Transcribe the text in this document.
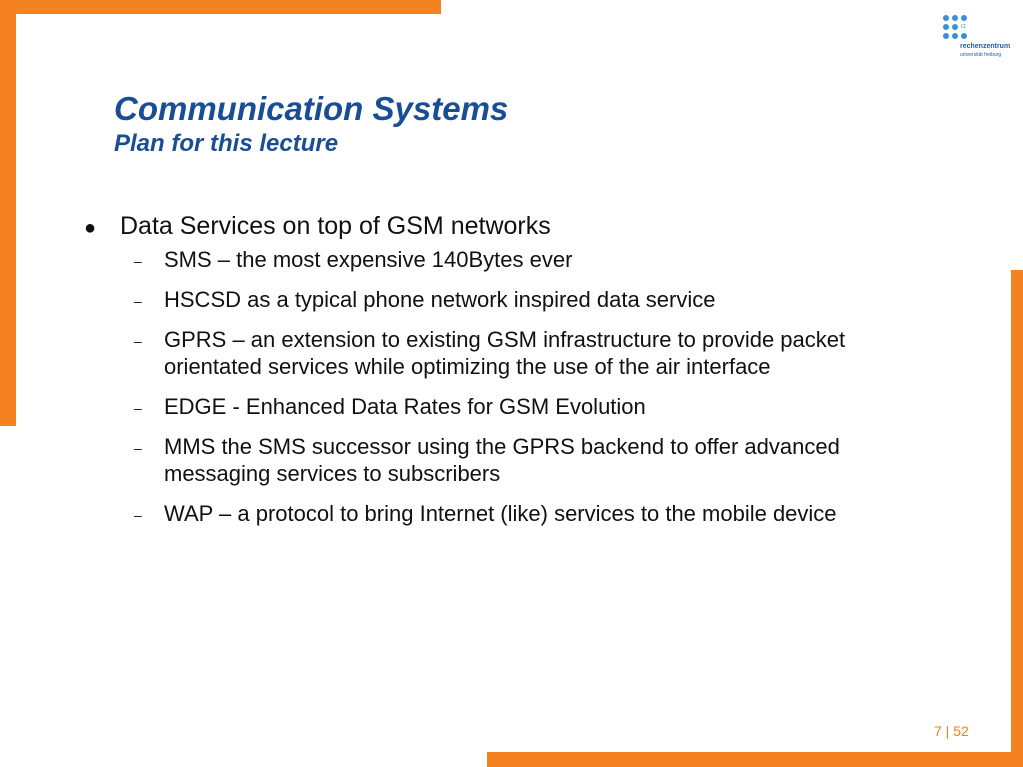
rz
rechenzentrum
universität freiburg
Communication Systems
Plan for this lecture
● Data Services on top of GSM networks
– SMS – the most expensive 140Bytes ever
– HSCSD as a typical phone network inspired data service
– GPRS – an extension to existing GSM infrastructure to provide packet orientated services while optimizing the use of the air interface
– EDGE - Enhanced Data Rates for GSM Evolution
– MMS the SMS successor using the GPRS backend to offer advanced messaging services to subscribers
– WAP – a protocol to bring Internet (like) services to the mobile device
7 | 52
